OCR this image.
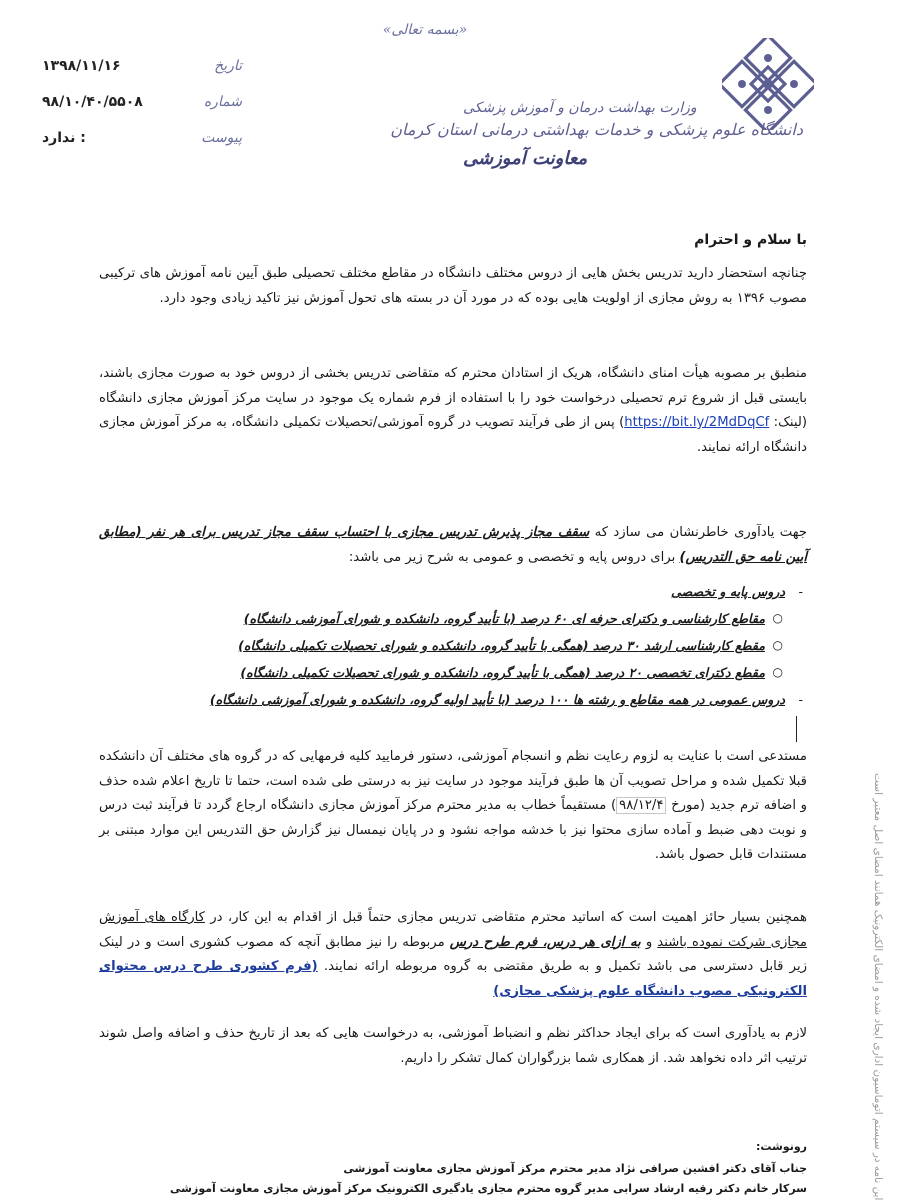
«بسمه تعالی»
وزارت بهداشت درمان و آموزش پزشکی
دانشگاه علوم پزشکی و خدمات بهداشتی درمانی استان کرمان
معاونت آموزشی
تاریخ
۱۳۹۸/۱۱/۱۶
شماره
۹۸/۱۰/۴۰/۵۵۰۸
پیوست
: ندارد
با سلام و احترام

چنانچه استحضار دارید تدریس بخش هایی از دروس مختلف دانشگاه در مقاطع مختلف تحصیلی طبق آیین نامه آموزش های ترکیبی مصوب ۱۳۹۶ به روش مجازی از اولویت هایی بوده که در مورد آن در بسته های تحول آموزش نیز تاکید زیادی وجود دارد.

منطبق بر مصوبه هیأت امنای دانشگاه، هریک از استادان محترم که متقاضی تدریس بخشی از دروس خود به صورت مجازی باشند، بایستی قبل از شروع ترم تحصیلی درخواست خود را با استفاده از فرم شماره یک موجود در سایت مرکز آموزش مجازی دانشگاه (لینک: https://bit.ly/2MdDqCf) پس از طی فرآیند تصویب در گروه آموزشی/تحصیلات تکمیلی دانشگاه، به مرکز آموزش مجازی دانشگاه ارائه نمایند.

جهت یادآوری خاطرنشان می سازد که سقف مجاز پذیرش تدریس مجازی با احتساب سقف مجاز تدریس برای هر نفر (مطابق آیین نامه حق التدریس) برای دروس پایه و تخصصی و عمومی به شرح زیر می باشد:

-
دروس پایه و تخصصی
○
مقاطع کارشناسی و دکترای حرفه ای ۶۰ درصد (با تأیید گروه، دانشکده و شورای آموزشی دانشگاه)
○
مقطع کارشناسی ارشد ۳۰ درصد (همگی با تأیید گروه، دانشکده و شورای تحصیلات تکمیلی دانشگاه)
○
مقطع دکترای تخصصی ۲۰ درصد (همگی با تأیید گروه، دانشکده و شورای تحصیلات تکمیلی دانشگاه)
-
دروس عمومی در همه مقاطع و رشته ها ۱۰۰ درصد (با تأیید اولیه گروه، دانشکده و شورای آموزشی دانشگاه)

مستدعی است با عنایت به لزوم رعایت نظم و انسجام آموزشی، دستور فرمایید کلیه فرمهایی که در گروه های مختلف آن دانشکده قبلا تکمیل شده و مراحل تصویب آن ها طبق فرآیند موجود در سایت نیز به درستی طی شده است، حتما تا تاریخ اعلام شده حذف و اضافه ترم جدید (مورخ ۹۸/۱۲/۴) مستقیماً خطاب به مدیر محترم مرکز آموزش مجازی دانشگاه ارجاع گردد تا فرآیند ثبت درس و نوبت دهی ضبط و آماده سازی محتوا نیز با خدشه مواجه نشود و در پایان نیمسال نیز گزارش حق التدریس این موارد مبتنی بر مستندات قابل حصول باشد.

همچنین بسیار حائز اهمیت است که اساتید محترم متقاضی تدریس مجازی حتماً قبل از اقدام به این کار، در کارگاه های آموزش مجازی شرکت نموده باشند و به ازای هر درس، فرم طرح درس مربوطه را نیز مطابق آنچه که مصوب کشوری است و در لینک زیر قابل دسترسی می باشد تکمیل و به طریق مقتضی به گروه مربوطه ارائه نمایند. (فرم کشوری طرح درس محتوای الکترونیکی مصوب دانشگاه علوم پزشکی مجازی)

لازم به یادآوری است که برای ایجاد حداکثر نظم و انضباط آموزشی، به درخواست هایی که بعد از تاریخ حذف و اضافه واصل شوند ترتیب اثر داده نخواهد شد. از همکاری شما بزرگواران کمال تشکر را داریم.

رونوشت:
جناب آقای دکتر افشین صرافی نژاد مدیر محترم مرکز آموزش مجازی معاونت آموزشی
سرکار خانم دکتر رقیه ارشاد سرابی مدیر گروه محترم مجازی یادگیری الکترونیک مرکز آموزش مجازی معاونت آموزشی	این نامه در سیستم اتوماسیون اداری ایجاد شده و امضای الکترونیک همانند امضای اصل معتبر است
